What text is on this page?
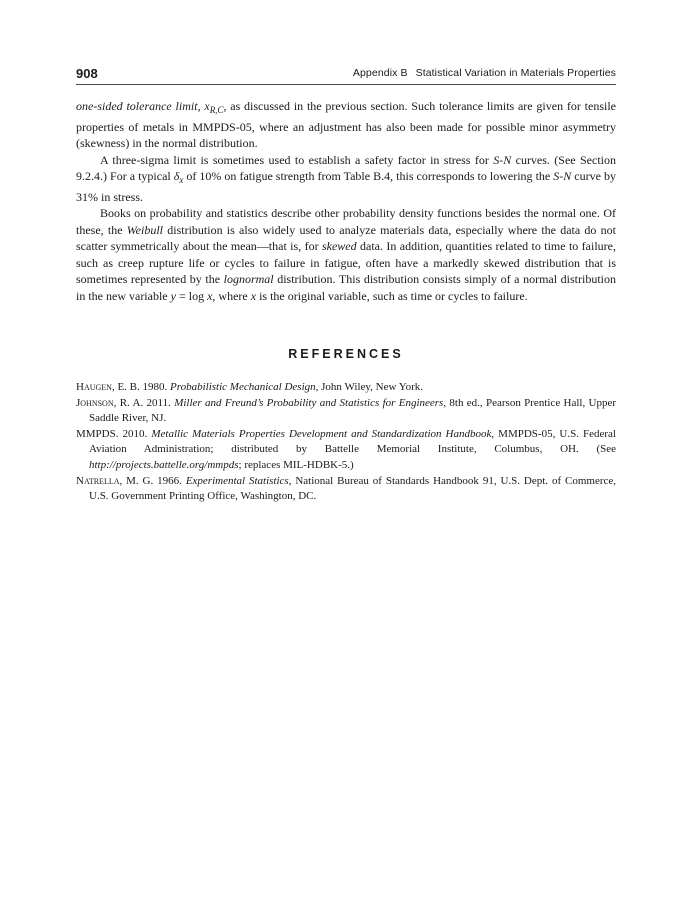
908	Appendix B Statistical Variation in Materials Properties

one-sided tolerance limit, $x_{R,C}$, as discussed in the previous section. Such tolerance limits are given for tensile properties of metals in MMPDS-05, where an adjustment has also been made for possible minor asymmetry (skewness) in the normal distribution.

A three-sigma limit is sometimes used to establish a safety factor in stress for S-N curves. (See Section 9.2.4.) For a typical $\delta_x$ of 10% on fatigue strength from Table B.4, this corresponds to lowering the S-N curve by 31% in stress.

Books on probability and statistics describe other probability density functions besides the normal one. Of these, the Weibull distribution is also widely used to analyze materials data, especially where the data do not scatter symmetrically about the mean—that is, for skewed data. In addition, quantities related to time to failure, such as creep rupture life or cycles to failure in fatigue, often have a markedly skewed distribution that is sometimes represented by the lognormal distribution. This distribution consists simply of a normal distribution in the new variable y = log x, where x is the original variable, such as time or cycles to failure.

REFERENCES

Haugen, E. B. 1980. Probabilistic Mechanical Design, John Wiley, New York.

Johnson, R. A. 2011. Miller and Freund’s Probability and Statistics for Engineers, 8th ed., Pearson Prentice Hall, Upper Saddle River, NJ.

MMPDS. 2010. Metallic Materials Properties Development and Standardization Handbook, MMPDS-05, U.S. Federal Aviation Administration; distributed by Battelle Memorial Institute, Columbus, OH. (See http://projects.battelle.org/mmpds; replaces MIL-HDBK-5.)

Natrella, M. G. 1966. Experimental Statistics, National Bureau of Standards Handbook 91, U.S. Dept. of Commerce, U.S. Government Printing Office, Washington, DC.
